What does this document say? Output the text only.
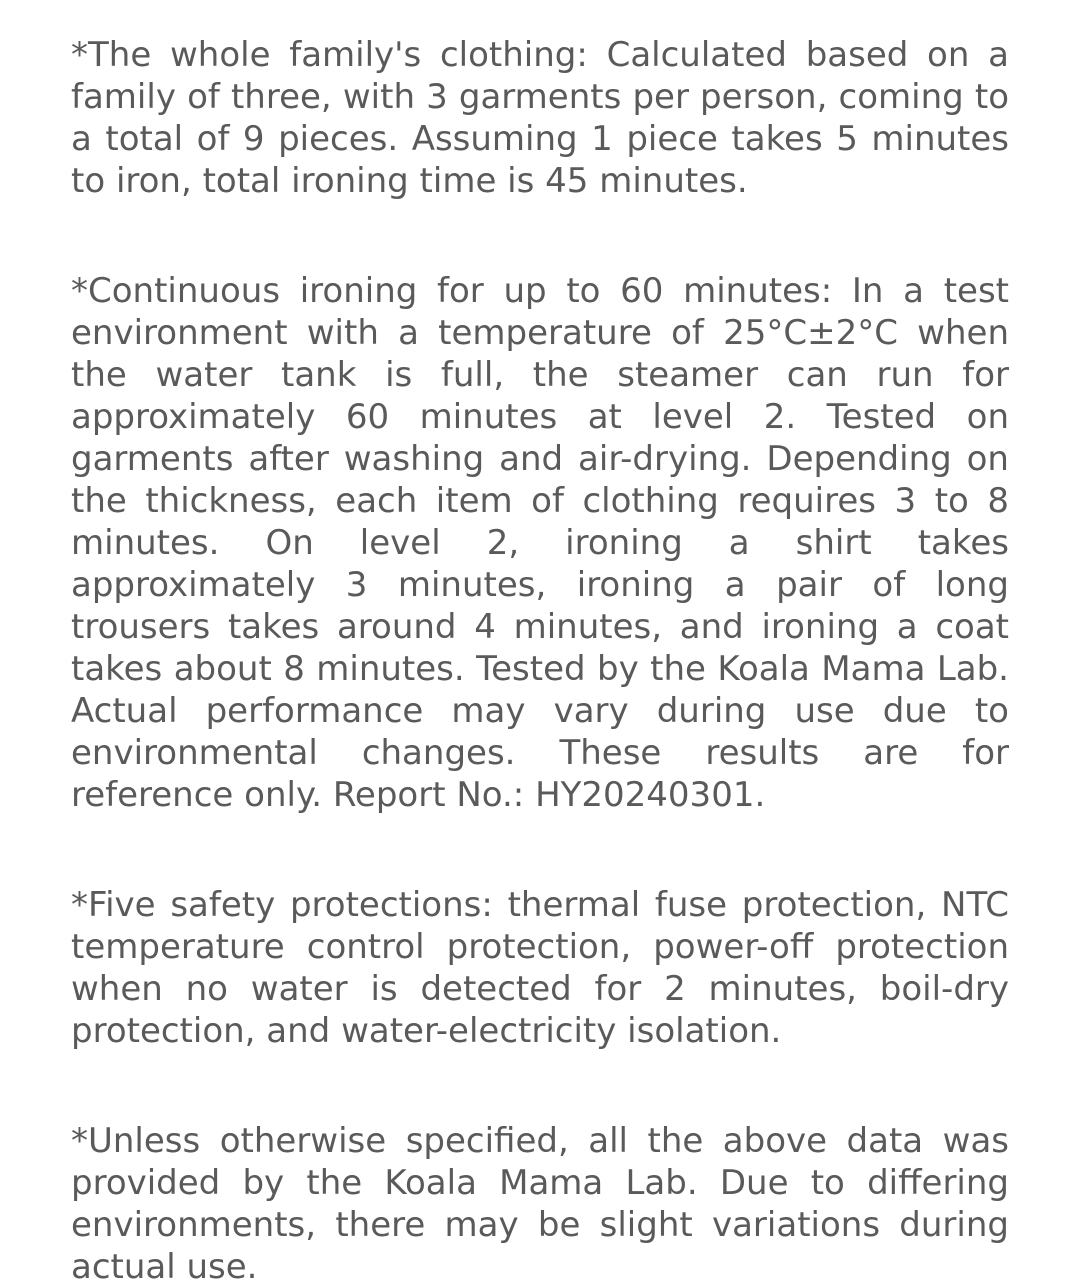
*The whole family's clothing: Calculated based on a family of three, with 3 garments per person, coming to a total of 9 pieces. Assuming 1 piece takes 5 minutes to iron, total ironing time is 45 minutes.

*Continuous ironing for up to 60 minutes: In a test environment with a temperature of 25°C±2°C when the water tank is full, the steamer can run for approximately 60 minutes at level 2. Tested on garments after washing and air-drying. Depending on the thickness, each item of clothing requires 3 to 8 minutes. On level 2, ironing a shirt takes approximately 3 minutes, ironing a pair of long trousers takes around 4 minutes, and ironing a coat takes about 8 minutes. Tested by the Koala Mama Lab. Actual performance may vary during use due to environmental changes. These results are for reference only. Report No.: HY20240301.

*Five safety protections: thermal fuse protection, NTC temperature control protection, power-off protection when no water is detected for 2 minutes, boil-dry protection, and water-electricity isolation.

*Unless otherwise specified, all the above data was provided by the Koala Mama Lab. Due to differing environments, there may be slight variations during actual use.
